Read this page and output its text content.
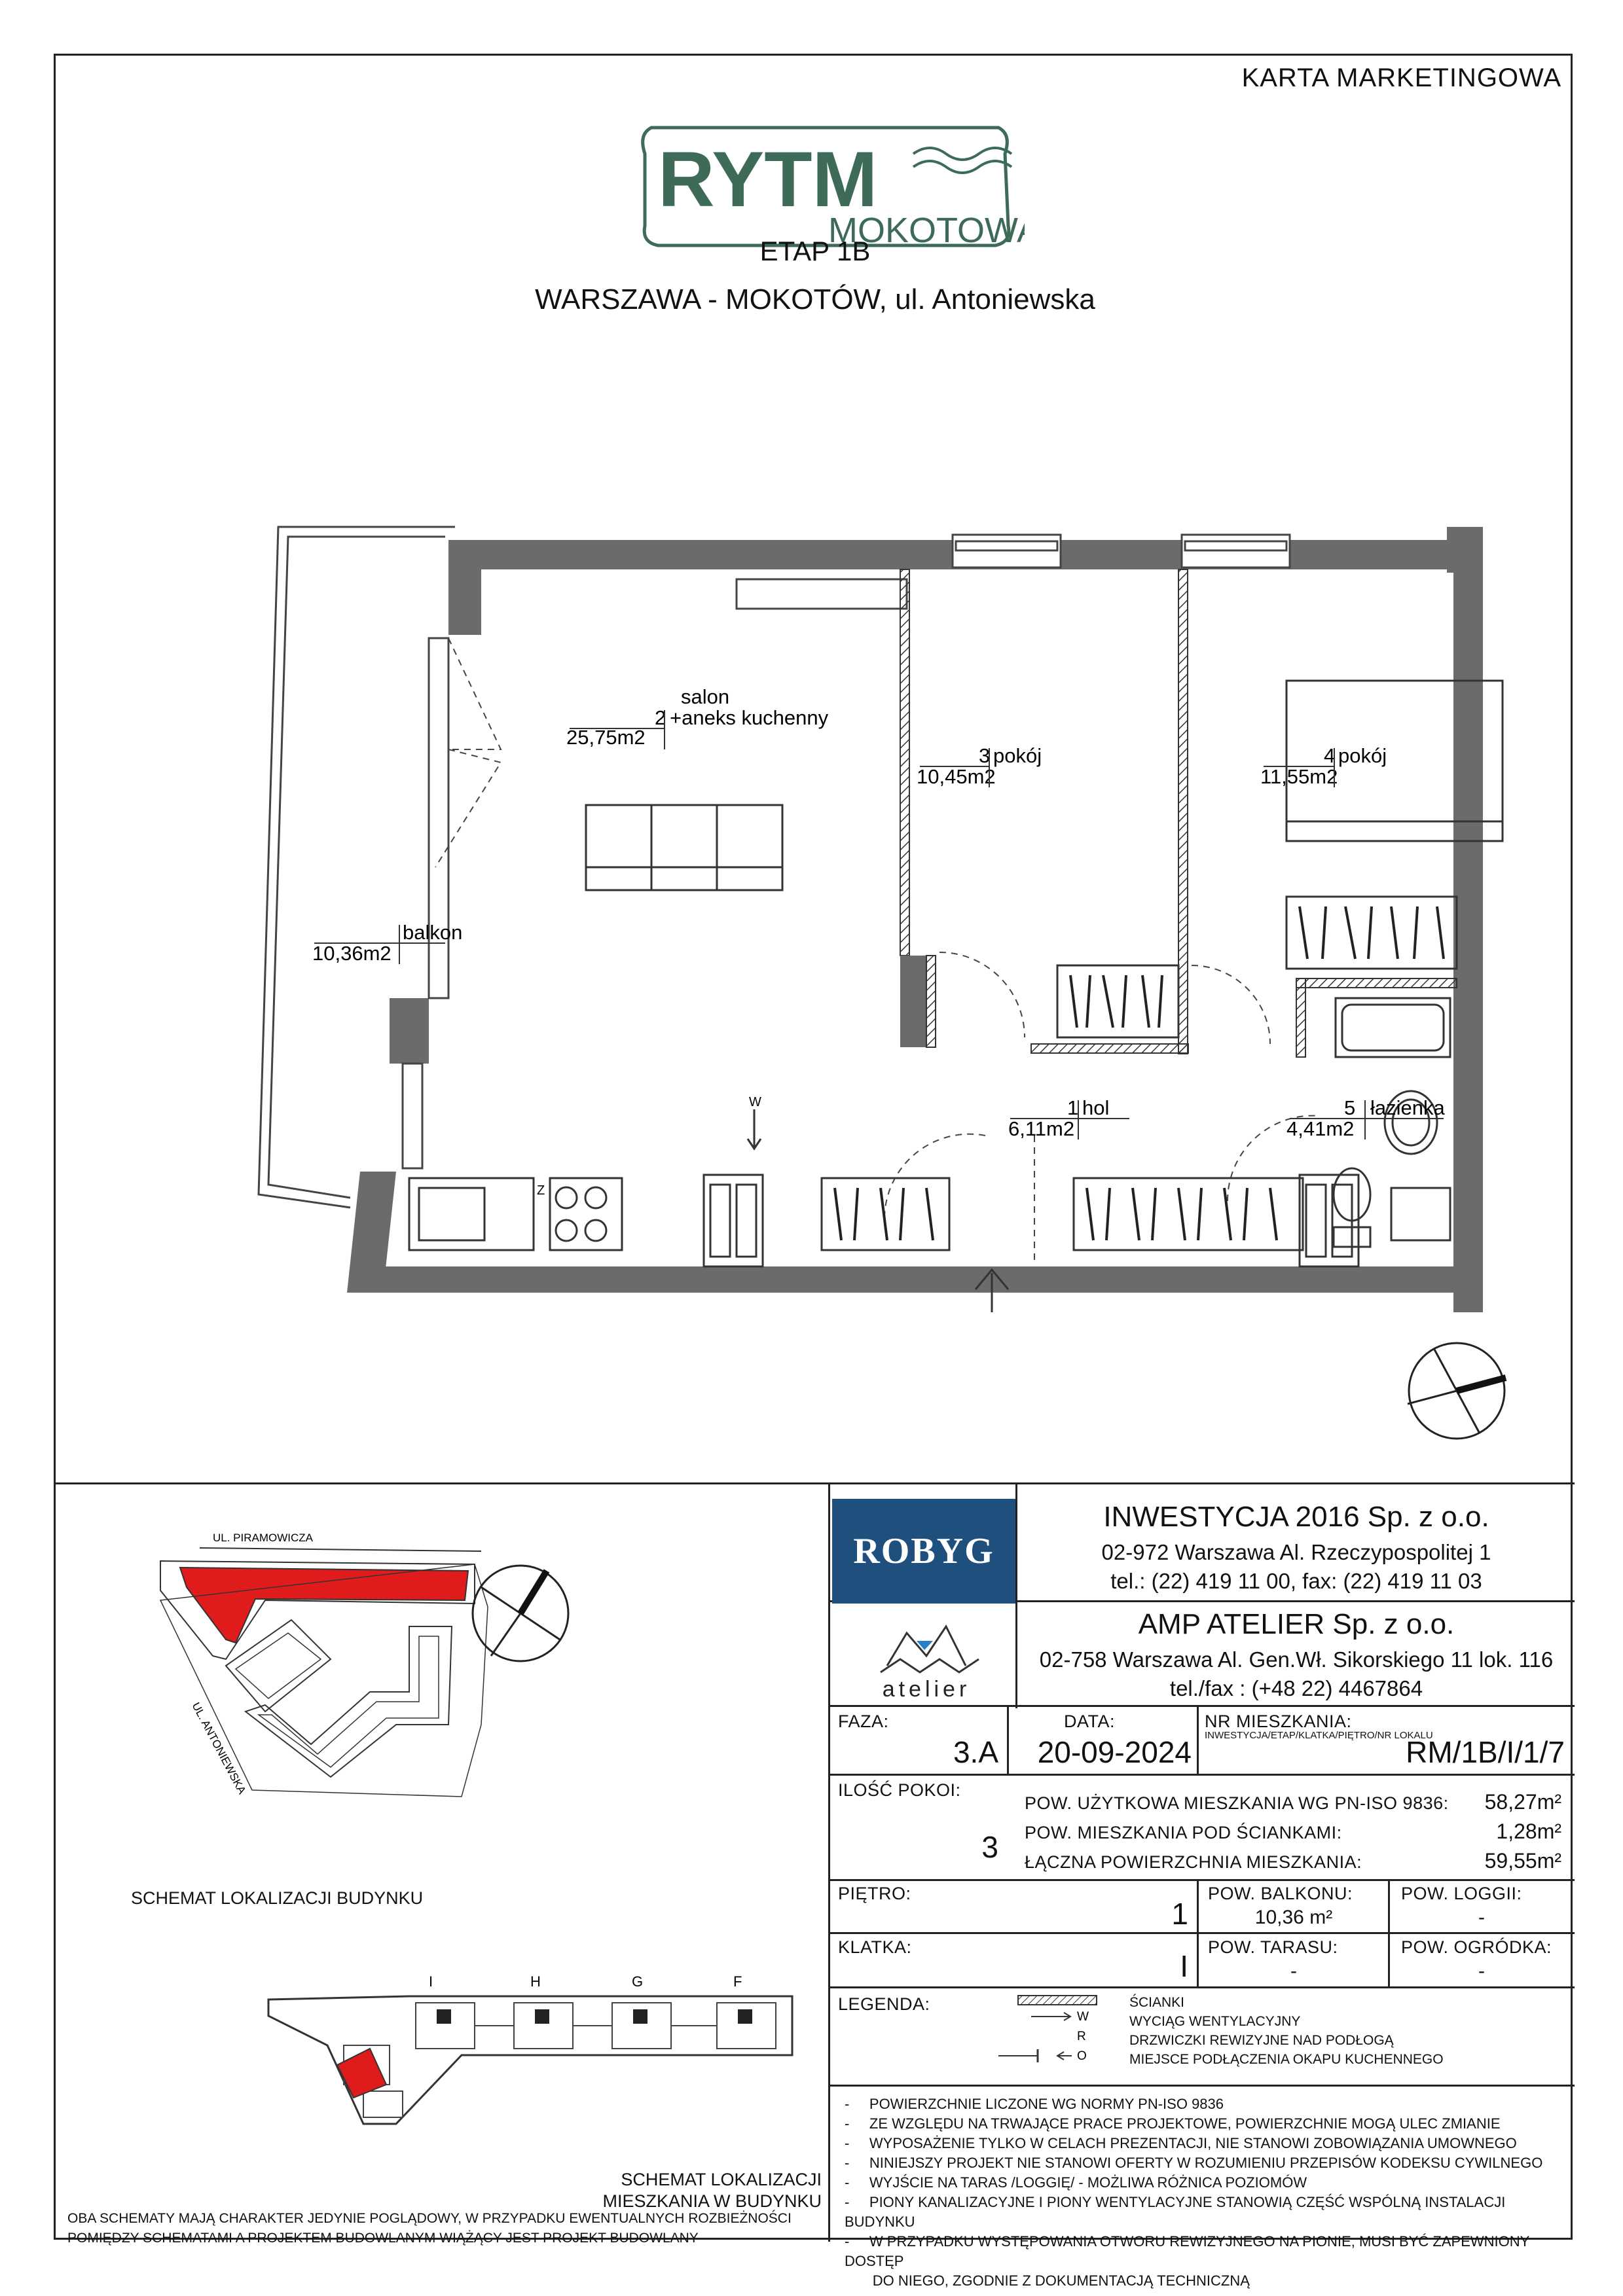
KARTA MARKETINGOWA
RYTM
MOKOTOWA
ETAP 1B
WARSZAWA - MOKOTÓW, ul. Antoniewska
W
Z
salon
2 +aneks kuchenny
25,75m2
3 pokój
10,45m2
4 pokój
11,55m2
1 hol
6,11m2
5 łazienka
4,41m2
balkon
10,36m2
ROBYG
INWESTYCJA 2016 Sp. z o.o.
02-972 Warszawa Al. Rzeczypospolitej 1
tel.: (22) 419 11 00, fax: (22) 419 11 03
atelier
AMP ATELIER Sp. z o.o.
02-758 Warszawa Al. Gen.Wł. Sikorskiego 11 lok. 116
tel./fax : (+48 22) 4467864
FAZA:
3.A
DATA:
20-09-2024
NR MIESZKANIA:
INWESTYCJA/ETAP/KLATKA/PIĘTRO/NR LOKALU
RM/1B/I/1/7
ILOŚĆ POKOI:
3
POW. UŻYTKOWA MIESZKANIA WG PN-ISO 9836:	58,27m²
POW. MIESZKANIA POD ŚCIANKAMI:	1,28m²
ŁĄCZNA POWIERZCHNIA MIESZKANIA:	59,55m²
PIĘTRO:
1
POW. BALKONU:
10,36 m²
POW. LOGGII:
-
KLATKA:
I
POW. TARASU:
-
POW. OGRÓDKA:
-
LEGENDA:
W
R
O
ŚCIANKI
WYCIĄG WENTYLACYJNY
DRZWICZKI REWIZYJNE NAD PODŁOGĄ
MIEJSCE PODŁĄCZENIA OKAPU KUCHENNEGO
-     POWIERZCHNIE LICZONE WG NORMY PN-ISO 9836
-     ZE WZGLĘDU NA TRWAJĄCE PRACE PROJEKTOWE, POWIERZCHNIE MOGĄ ULEC ZMIANIE
-     WYPOSAŻENIE TYLKO W CELACH PREZENTACJI, NIE STANOWI ZOBOWIĄZANIA UMOWNEGO
-     NINIEJSZY PROJEKT NIE STANOWI OFERTY W ROZUMIENIU PRZEPISÓW KODEKSU CYWILNEGO
-     WYJŚCIE NA TARAS /LOGGIĘ/ - MOŻLIWA RÓŻNICA POZIOMÓW
-     PIONY KANALIZACYJNE I PIONY WENTYLACYJNE STANOWIĄ CZĘŚĆ WSPÓLNĄ INSTALACJI BUDYNKU
-     W PRZYPADKU WYSTĘPOWANIA OTWORU REWIZYJNEGO NA PIONIE, MUSI BYĆ ZAPEWNIONY DOSTĘP
DO NIEGO, ZGODNIE Z DOKUMENTACJĄ TECHNICZNĄ
UL. PIRAMOWICZA
UL. ANTONIEWSKA
SCHEMAT LOKALIZACJI BUDYNKU
I	H	G	F
SCHEMAT LOKALIZACJI
MIESZKANIA W BUDYNKU
OBA SCHEMATY MAJĄ CHARAKTER JEDYNIE POGLĄDOWY, W PRZYPADKU EWENTUALNYCH ROZBIEŻNOŚCI
POMIĘDZY SCHEMATAMI A PROJEKTEM BUDOWLANYM WIĄŻĄCY JEST PROJEKT BUDOWLANY
